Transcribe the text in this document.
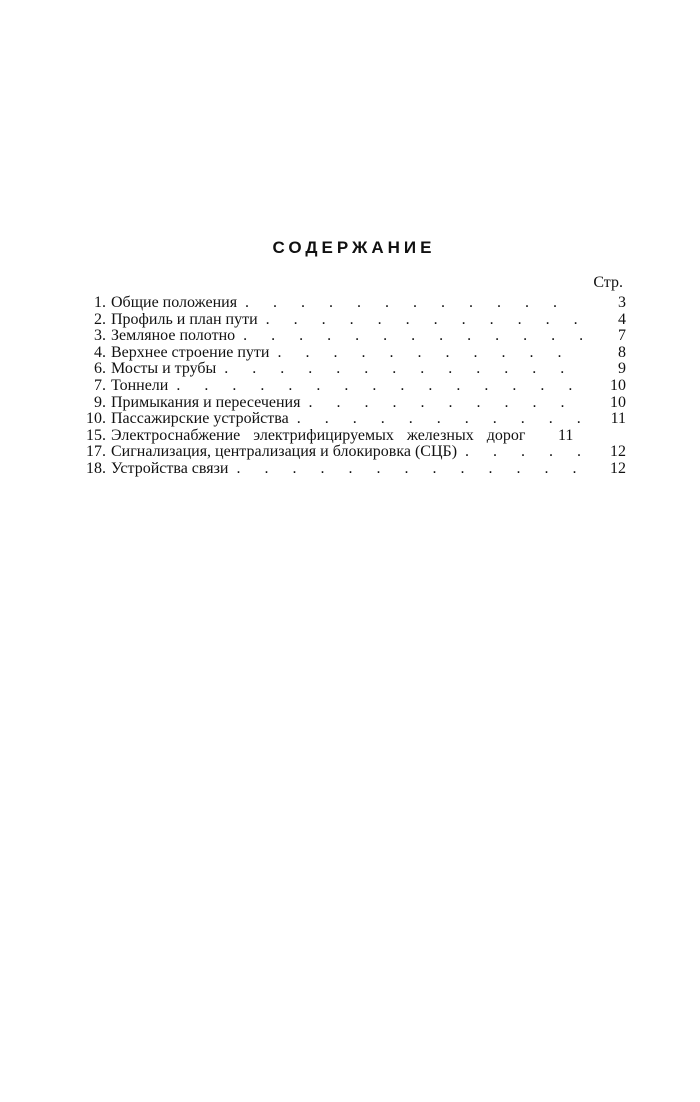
СОДЕРЖАНИЕ
Стр.
1. Общие положения . . .	3
2. Профиль и план пути . . .	4
3. Земляное полотно . . .	7
4. Верхнее строение пути . . .	8
6. Мосты и трубы . . .	9
7. Тоннели . . .	10
9. Примыкания и пересечения . . .	10
10. Пассажирские устройства . . .	11
15. Электроснабжение электрифицируемых железных дорог	11
17. Сигнализация, централизация и блокировка (СЦБ) . . .	12
18. Устройства связи . . .	12
